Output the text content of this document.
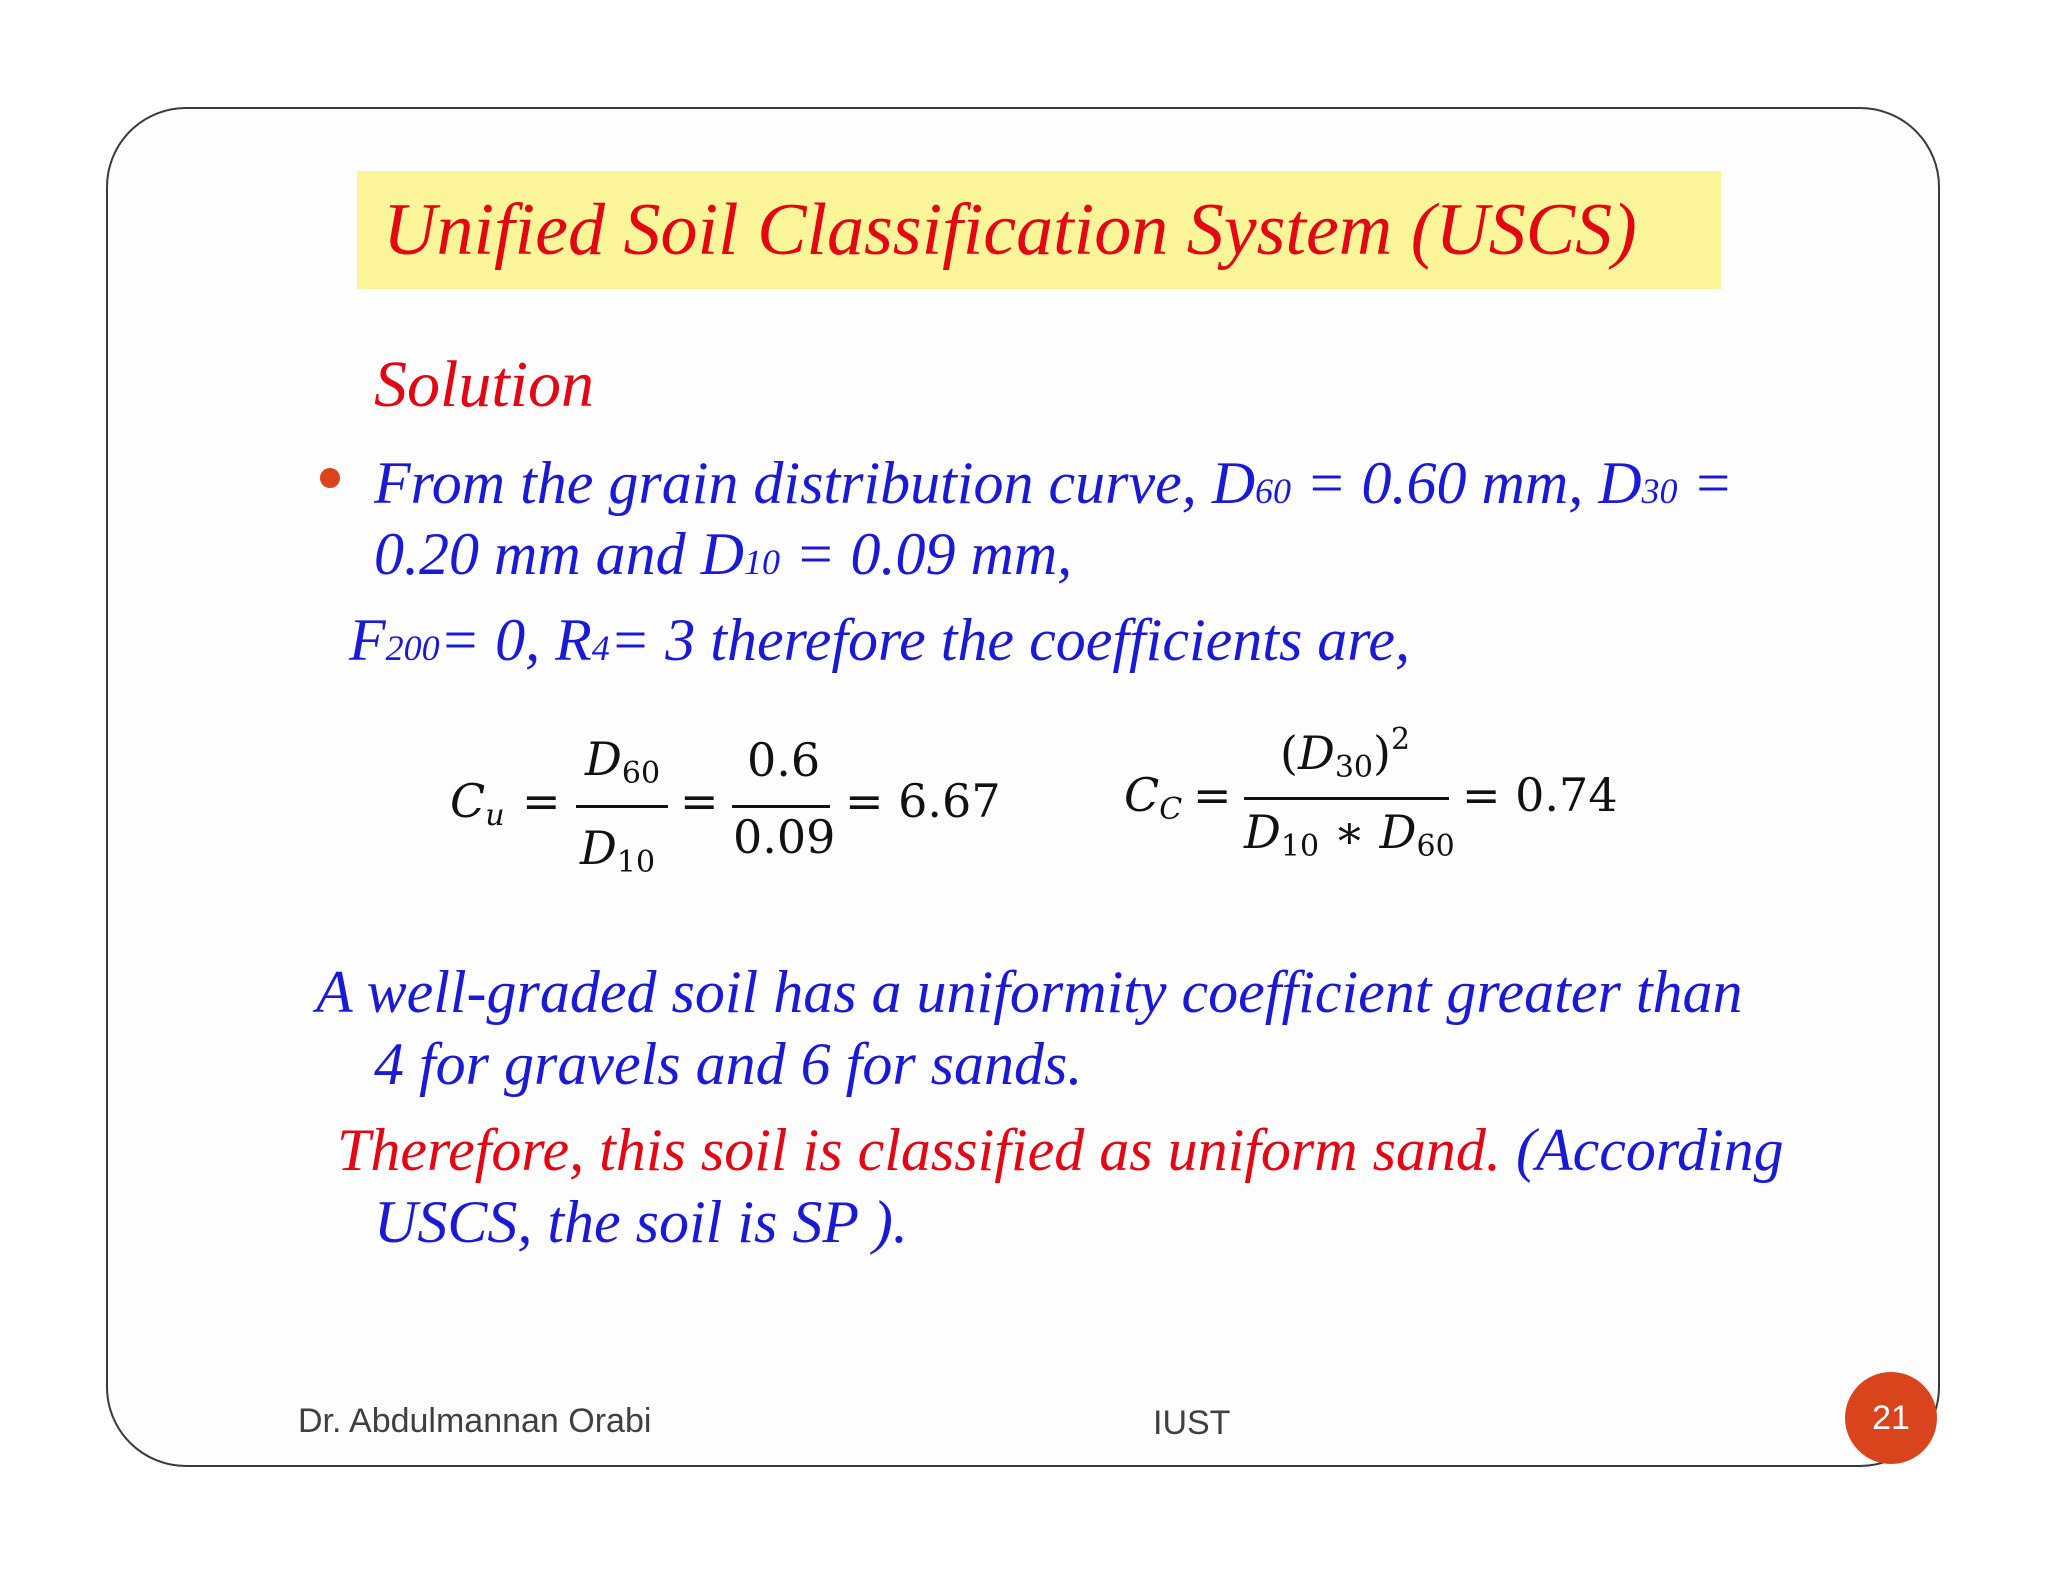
Unified Soil Classification System (USCS)
Solution
From the grain distribution curve, D60 = 0.60 mm, D30 =
0.20 mm and D10 = 0.09 mm,
F200= 0, R4= 3 therefore the coefficients are,
$C_u$ =
$D_{60}$
$D_{10}$
=
0.6
0.09
= 6.67	$C_C$ =
$(D_{30})^2$
$D_{10}$ ∗ $D_{60}$
= 0.74
A well-graded soil has a uniformity coefficient greater than
4 for gravels and 6 for sands.
Therefore, this soil is classified as uniform sand. (According
USCS, the soil is SP ).
Dr. Abdulmannan Orabi	IUST	21
